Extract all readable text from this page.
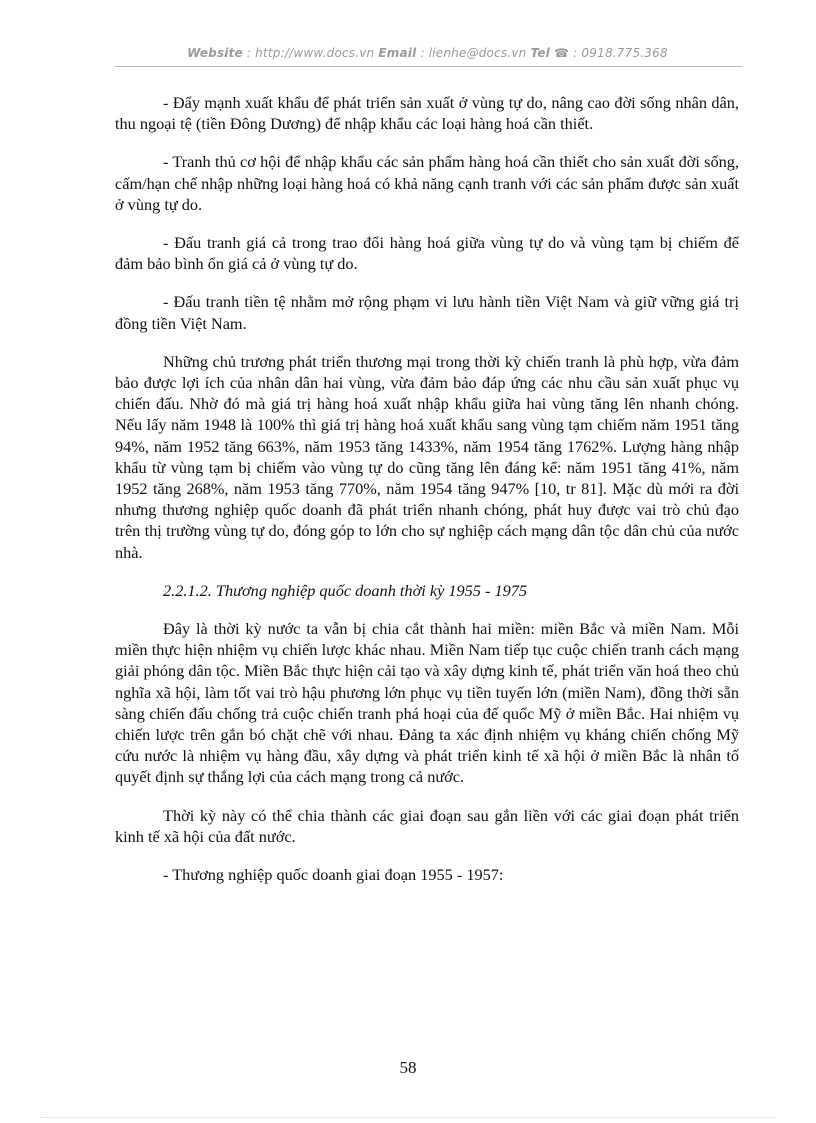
Website : http://www.docs.vn Email : lienhe@docs.vn Tel ☎ : 0918.775.368

- Đẩy mạnh xuất khẩu để phát triển sản xuất ở vùng tự do, nâng cao đời sống nhân dân, thu ngoại tệ (tiền Đông Dương) để nhập khẩu các loại hàng hoá cần thiết.

- Tranh thủ cơ hội để nhập khẩu các sản phẩm hàng hoá cần thiết cho sản xuất đời sống, cấm/hạn chế nhập những loại hàng hoá có khả năng cạnh tranh với các sản phẩm được sản xuất ở vùng tự do.

- Đấu tranh giá cả trong trao đổi hàng hoá giữa vùng tự do và vùng tạm bị chiếm để đảm bảo bình ổn giá cả ở vùng tự do.

- Đấu tranh tiền tệ nhằm mở rộng phạm vi lưu hành tiền Việt Nam và giữ vững giá trị đồng tiền Việt Nam.

Những chủ trương phát triển thương mại trong thời kỳ chiến tranh là phù hợp, vừa đảm bảo được lợi ích của nhân dân hai vùng, vừa đảm bảo đáp ứng các nhu cầu sản xuất phục vụ chiến đấu. Nhờ đó mà giá trị hàng hoá xuất nhập khẩu giữa hai vùng tăng lên nhanh chóng. Nếu lấy năm 1948 là 100% thì giá trị hàng hoá xuất khẩu sang vùng tạm chiếm năm 1951 tăng 94%, năm 1952 tăng 663%, năm 1953 tăng 1433%, năm 1954 tăng 1762%. Lượng hàng nhập khẩu từ vùng tạm bị chiếm vào vùng tự do cũng tăng lên đáng kể: năm 1951 tăng 41%, năm 1952 tăng 268%, năm 1953 tăng 770%, năm 1954 tăng 947% [10, tr 81]. Mặc dù mới ra đời nhưng thương nghiệp quốc doanh đã phát triển nhanh chóng, phát huy được vai trò chủ đạo trên thị trường vùng tự do, đóng góp to lớn cho sự nghiệp cách mạng dân tộc dân chủ của nước nhà.

2.2.1.2. Thương nghiệp quốc doanh thời kỳ 1955 - 1975

Đây là thời kỳ nước ta vẫn bị chia cắt thành hai miền: miền Bắc và miền Nam. Mỗi miền thực hiện nhiệm vụ chiến lược khác nhau. Miền Nam tiếp tục cuộc chiến tranh cách mạng giải phóng dân tộc. Miền Bắc thực hiện cải tạo và xây dựng kinh tế, phát triển văn hoá theo chủ nghĩa xã hội, làm tốt vai trò hậu phương lớn phục vụ tiền tuyến lớn (miền Nam), đồng thời sẵn sàng chiến đấu chống trả cuộc chiến tranh phá hoại của đế quốc Mỹ ở miền Bắc. Hai nhiệm vụ chiến lược trên gắn bó chặt chẽ với nhau. Đảng ta xác định nhiệm vụ kháng chiến chống Mỹ cứu nước là nhiệm vụ hàng đầu, xây dựng và phát triển kinh tế xã hội ở miền Bắc là nhân tố quyết định sự thắng lợi của cách mạng trong cả nước.

Thời kỳ này có thể chia thành các giai đoạn sau gắn liền với các giai đoạn phát triển kinh tế xã hội của đất nước.

- Thương nghiệp quốc doanh giai đoạn 1955 - 1957:

58
